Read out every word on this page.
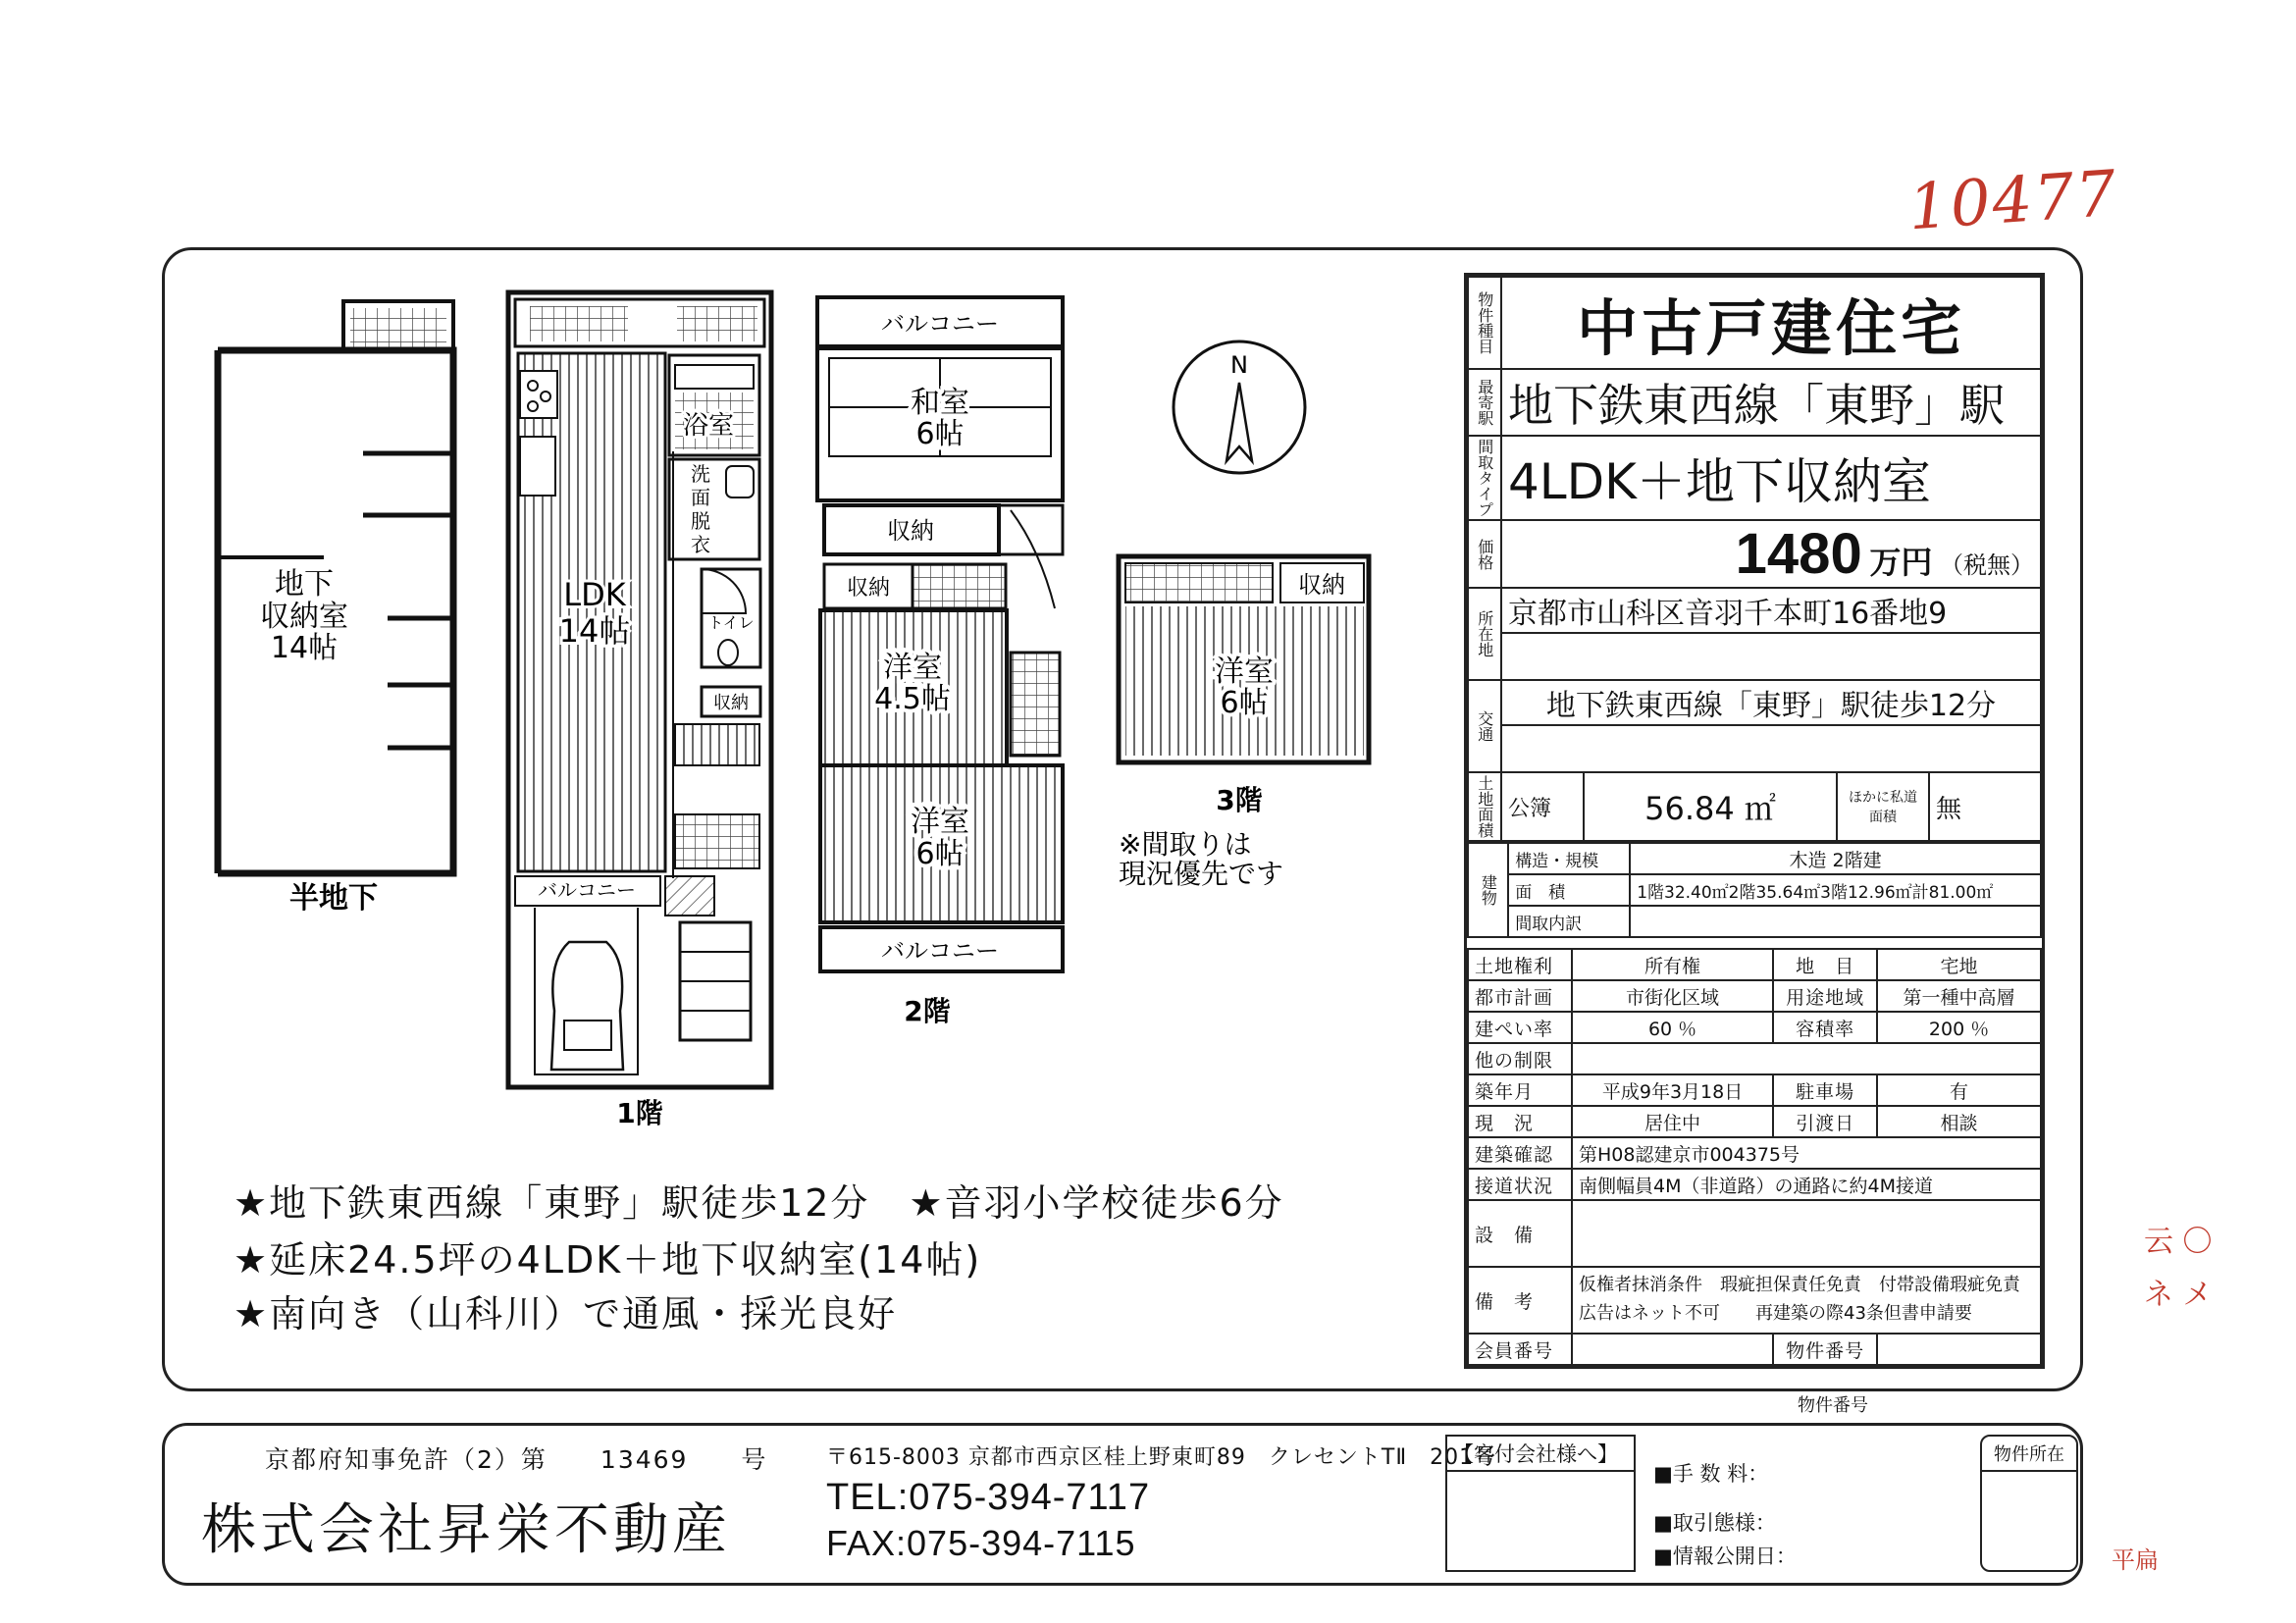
10477
云 〇
ネ メ
平扁
地下
収納室
14帖
半地下
LDK
14帖
浴室
洗
面
脱
衣
トイレ
収納
バルコニー
1階
バルコニー
和室
6帖
収納
収納
洋室
4.5帖
洋室
6帖
バルコニー
2階
N
収納
洋室
6帖
3階
※間取りは
現況優先です
★地下鉄東西線「東野」駅徒歩12分　★音羽小学校徒歩6分
★延床24.5坪の4LDK＋地下収納室(14帖)
★南向き（山科川）で通風・採光良好
物件種目	中古戸建住宅			
最寄駅	地下鉄東西線「東野」駅			
間取タイプ	4LDK＋地下収納室			
価格	1480 万円 （税無）			
所在地	京都市山科区音羽千本町16番地9			

交通	地下鉄東西線「東野」駅徒歩12分			

土地面積	公簿	56.84 ㎡	ほかに私道面積	無
建物	構造・規模	木造 2階建
	面　積	1階32.40㎡2階35.64㎡3階12.96㎡計81.00㎡
	間取内訳	
土地権利	所有権	地　目	宅地
都市計画	市街化区域	用途地域	第一種中高層
建ぺい率	60 ％	容積率	200 ％
他の制限			
築年月	平成9年3月18日	駐車場	有
現　況	居住中	引渡日	相談
建築確認	第H08認建京市004375号		
接道状況	南側幅員4M（非道路）の通路に約4M接道		
設　備			
備　考	仮権者抹消条件　瑕疵担保責任免責　付帯設備瑕疵免責
広告はネット不可　　再建築の際43条但書申請要		

会員番号		物件番号	
物件番号
京都府知事免許（2）第　　13469　　号
株式会社昇栄不動産
〒615-8003 京都市西京区桂上野東町89　クレセントTⅡ　201号
TEL:075-394-7117
FAX:075-394-7115
【客付会社様へ】
■手 数 料：
■取引態様：
■情報公開日：
物件所在
